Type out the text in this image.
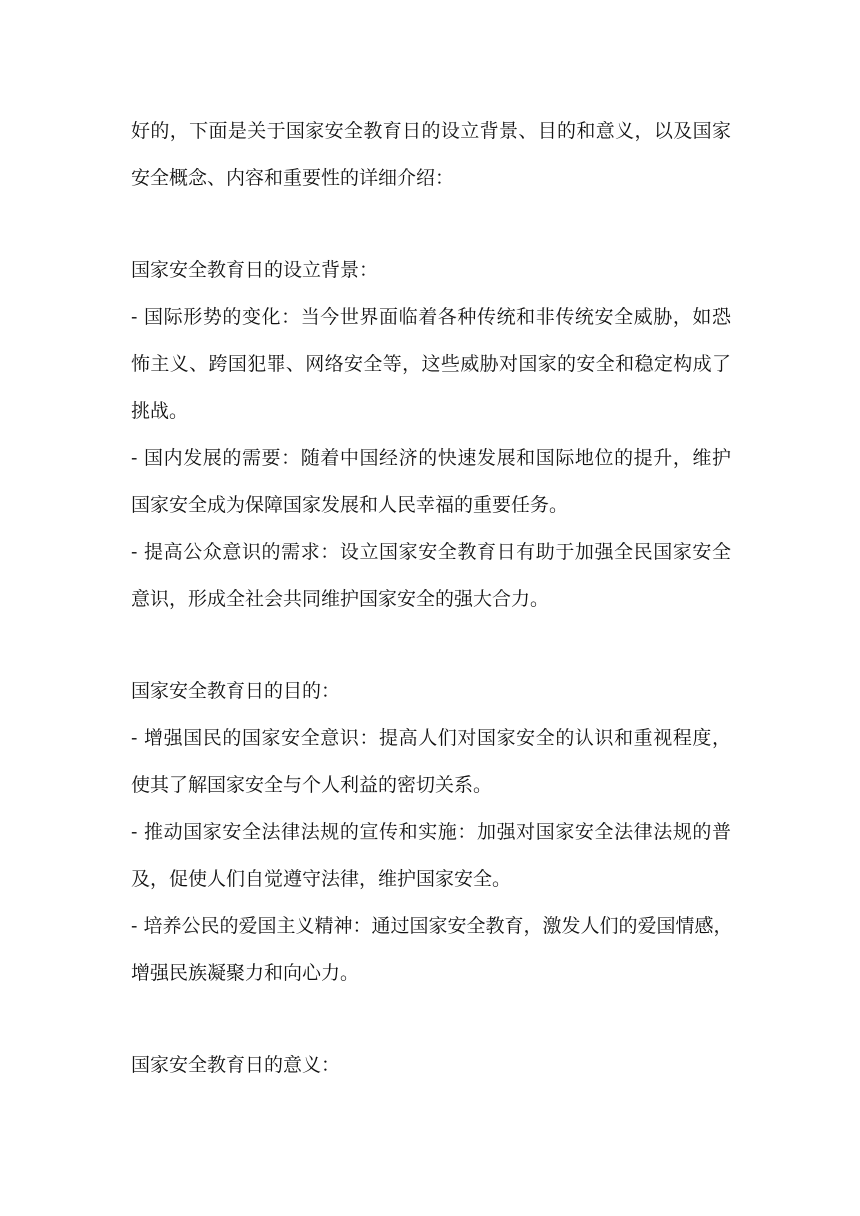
好的，下面是关于国家安全教育日的设立背景、目的和意义，以及国家
安全概念、内容和重要性的详细介绍：
国家安全教育日的设立背景：
- 国际形势的变化：当今世界面临着各种传统和非传统安全威胁，如恐
怖主义、跨国犯罪、网络安全等，这些威胁对国家的安全和稳定构成了
挑战。
- 国内发展的需要：随着中国经济的快速发展和国际地位的提升，维护
国家安全成为保障国家发展和人民幸福的重要任务。
- 提高公众意识的需求：设立国家安全教育日有助于加强全民国家安全
意识，形成全社会共同维护国家安全的强大合力。
国家安全教育日的目的：
- 增强国民的国家安全意识：提高人们对国家安全的认识和重视程度，
使其了解国家安全与个人利益的密切关系。
- 推动国家安全法律法规的宣传和实施：加强对国家安全法律法规的普
及，促使人们自觉遵守法律，维护国家安全。
- 培养公民的爱国主义精神：通过国家安全教育，激发人们的爱国情感，
增强民族凝聚力和向心力。
国家安全教育日的意义：
